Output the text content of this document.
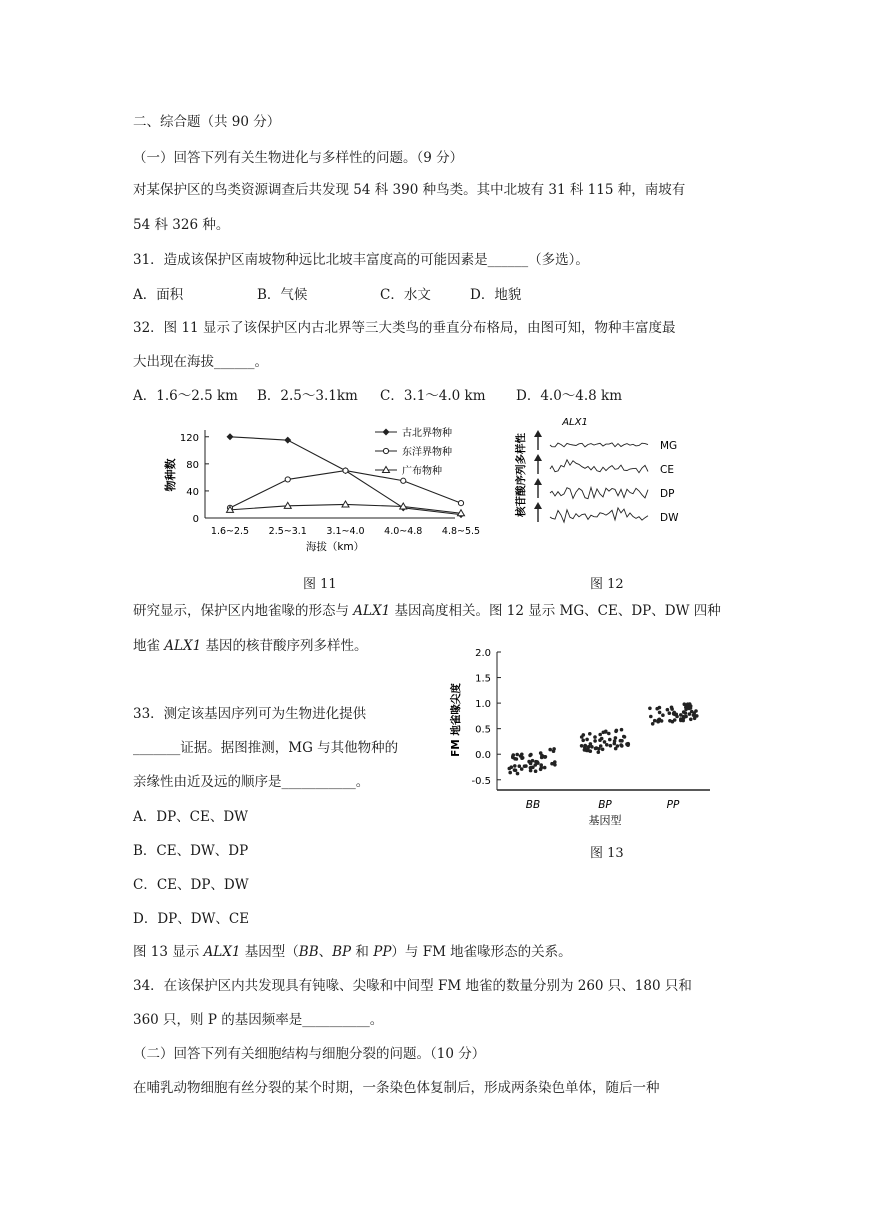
二、综合题（共 90 分）
（一）回答下列有关生物进化与多样性的问题。（9 分）
对某保护区的鸟类资源调查后共发现 54 科 390 种鸟类。其中北坡有 31 科 115 种，南坡有
54 科 326 种。
31．造成该保护区南坡物种远比北坡丰富度高的可能因素是______（多选）。
A．面积	B．气候	C．水文	D．地貌
32．图 11 显示了该保护区内古北界等三大类鸟的垂直分布格局，由图可知，物种丰富度最
大出现在海拔______。
A．1.6～2.5 km B．2.5～3.1km C．3.1～4.0 km D．4.0～4.8 km
物种数
120
80
40
0
1.6~2.5 2.5~3.1 3.1~4.0 4.0~4.8 4.8~5.5
古北界物种
东洋界物种
广布物种
海拔（km）
图 11
ALX1
核苷酸序列多样性	MG
CE
DP
DW
图 12
研究显示，保护区内地雀喙的形态与 ALX1 基因高度相关。图 12 显示 MG、CE、DP、DW 四种
地雀 ALX1 基因的核苷酸序列多样性。
33．测定该基因序列可为生物进化提供
_______证据。据图推测，MG 与其他物种的
亲缘性由近及远的顺序是___________。
A．DP、CE、DW
B．CE、DW、DP
C．CE、DP、DW
D．DP、DW、CE
FM 地雀喙尖度
2.0
1.5
1.0
0.5
0.0
-0.5
BB	BP	PP
基因型
图 13
图 13 显示 ALX1 基因型（BB、BP 和 PP）与 FM 地雀喙形态的关系。
34．在该保护区内共发现具有钝喙、尖喙和中间型 FM 地雀的数量分别为 260 只、180 只和
360 只，则 P 的基因频率是__________。
（二）回答下列有关细胞结构与细胞分裂的问题。（10 分）
在哺乳动物细胞有丝分裂的某个时期，一条染色体复制后，形成两条染色单体，随后一种
